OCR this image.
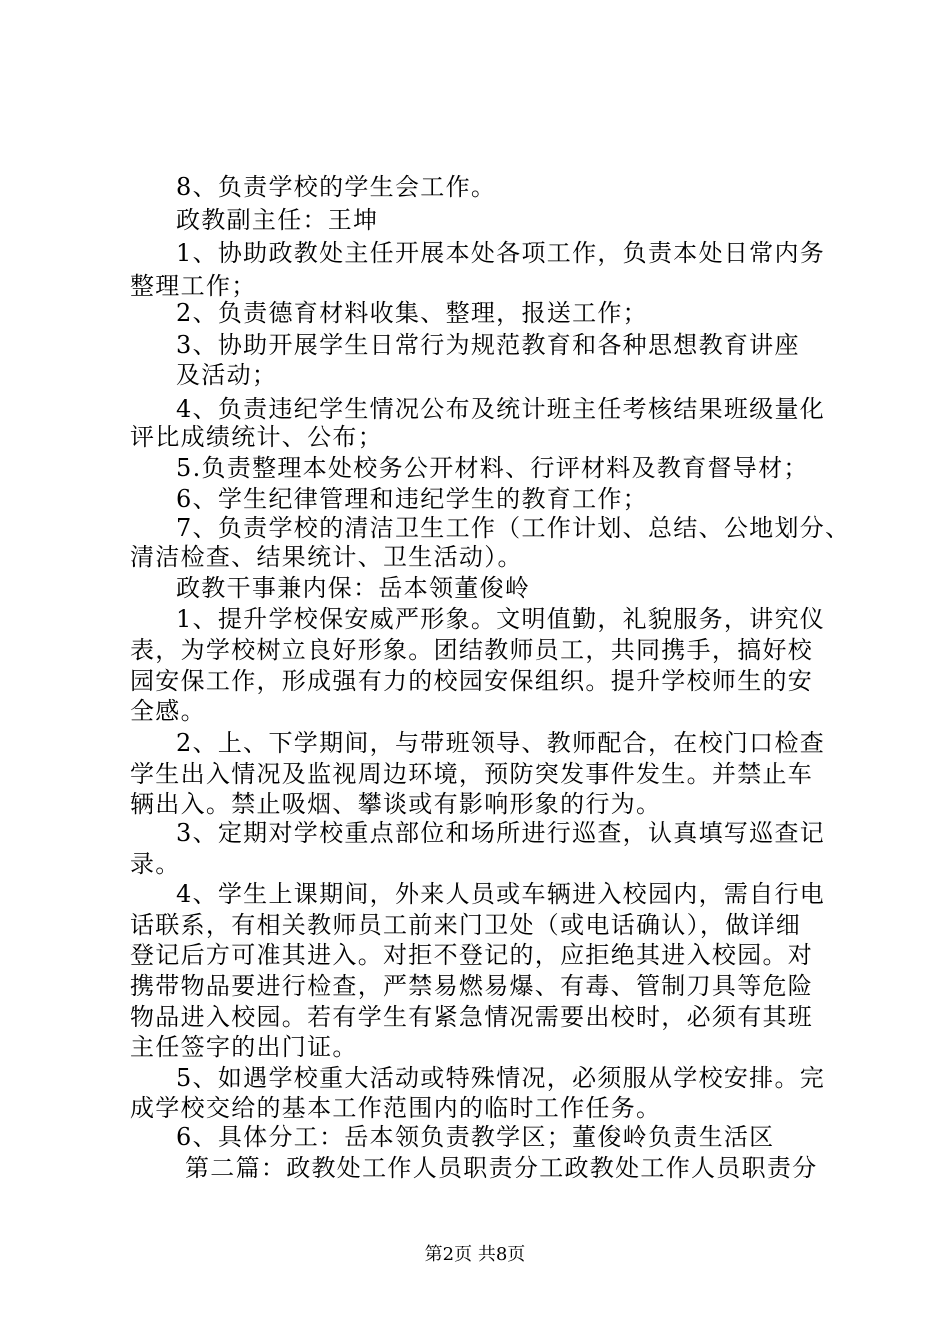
8、负责学校的学生会工作。
政教副主任：王坤
1、协助政教处主任开展本处各项工作，负责本处日常内务
整理工作；
2、负责德育材料收集、整理，报送工作；
3、协助开展学生日常行为规范教育和各种思想教育讲座
及活动；
4、负责违纪学生情况公布及统计班主任考核结果班级量化
评比成绩统计、公布；
5.负责整理本处校务公开材料、行评材料及教育督导材；
6、学生纪律管理和违纪学生的教育工作；
7、负责学校的清洁卫生工作（工作计划、总结、公地划分、
清洁检查、结果统计、卫生活动）。
政教干事兼内保：岳本领董俊岭
1、提升学校保安威严形象。文明值勤，礼貌服务，讲究仪
表，为学校树立良好形象。团结教师员工，共同携手，搞好校
园安保工作，形成强有力的校园安保组织。提升学校师生的安
全感。
2、上、下学期间，与带班领导、教师配合，在校门口检查
学生出入情况及监视周边环境，预防突发事件发生。并禁止车
辆出入。禁止吸烟、攀谈或有影响形象的行为。
3、定期对学校重点部位和场所进行巡查，认真填写巡查记
录。
4、学生上课期间，外来人员或车辆进入校园内，需自行电
话联系，有相关教师员工前来门卫处（或电话确认），做详细
登记后方可准其进入。对拒不登记的，应拒绝其进入校园。对
携带物品要进行检查，严禁易燃易爆、有毒、管制刀具等危险
物品进入校园。若有学生有紧急情况需要出校时，必须有其班
主任签字的出门证。
5、如遇学校重大活动或特殊情况，必须服从学校安排。完
成学校交给的基本工作范围内的临时工作任务。
6、具体分工：岳本领负责教学区；董俊岭负责生活区
第二篇：政教处工作人员职责分工政教处工作人员职责分
第2页 共8页
